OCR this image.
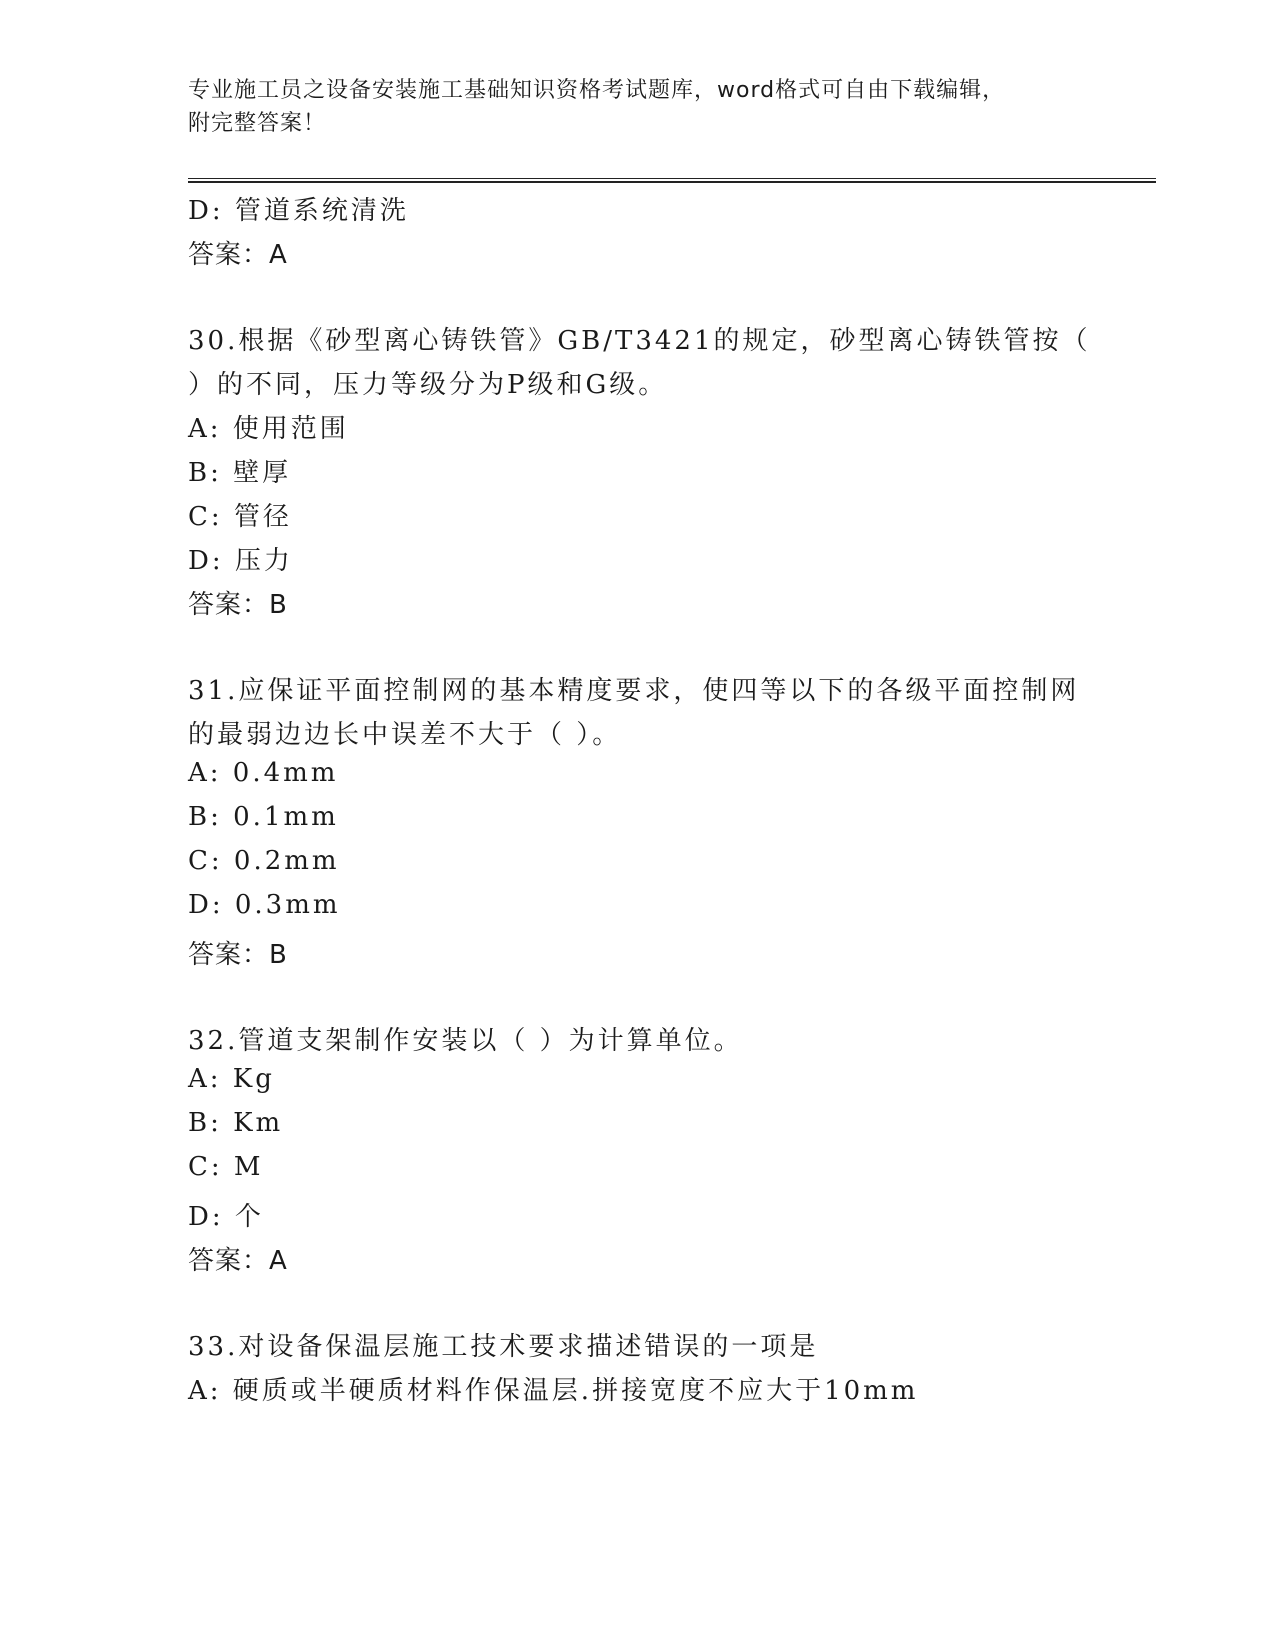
专业施工员之设备安装施工基础知识资格考试题库，word格式可自由下载编辑，
附完整答案！
D: 管道系统清洗
答案：A
30.根据《砂型离心铸铁管》GB/T3421的规定，砂型离心铸铁管按（
）的不同，压力等级分为P级和G级。
A: 使用范围
B: 壁厚
C: 管径
D: 压力
答案：B
31.应保证平面控制网的基本精度要求，使四等以下的各级平面控制网
的最弱边边长中误差不大于（ ）。
A: 0.4mm
B: 0.1mm
C: 0.2mm
D: 0.3mm
答案：B
32.管道支架制作安装以（ ）为计算单位。
A: Kg
B: Km
C: M
D: 个
答案：A
33.对设备保温层施工技术要求描述错误的一项是
A: 硬质或半硬质材料作保温层.拼接宽度不应大于10mm
